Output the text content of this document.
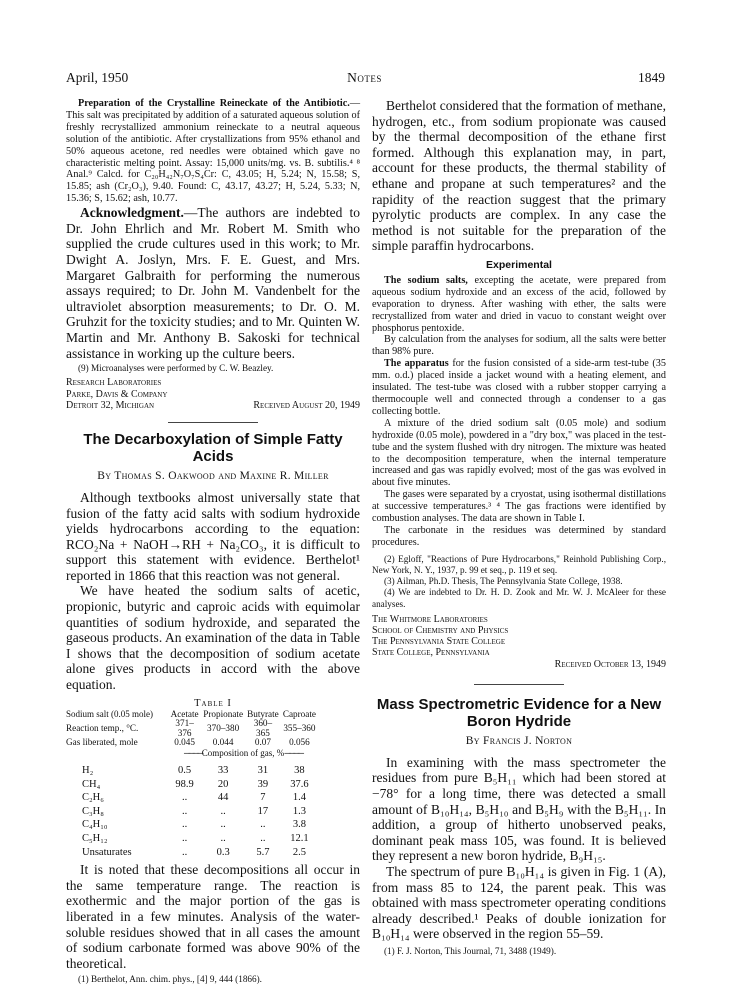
April, 1950	Notes	1849

Preparation of the Crystalline Reineckate of the Antibiotic.—This salt was precipitated by addition of a saturated aqueous solution of freshly recrystallized ammonium reineckate to a neutral aqueous solution of the antibiotic. After crystallizations from 95% ethanol and 50% aqueous acetone, red needles were obtained which gave no characteristic melting point. Assay: 15,000 units/mg. vs. B. subtilis.⁴ ⁸ Anal.⁹ Calcd. for C₂₀H₄₂N₇O₇S₄Cr: C, 43.05; H, 5.24; N, 15.58; S, 15.85; ash (Cr₂O₃), 9.40. Found: C, 43.17, 43.27; H, 5.24, 5.33; N, 15.36; S, 15.62; ash, 10.77.

Acknowledgment.—The authors are indebted to Dr. John Ehrlich and Mr. Robert M. Smith who supplied the crude cultures used in this work; to Mr. Dwight A. Joslyn, Mrs. F. E. Guest, and Mrs. Margaret Galbraith for performing the numerous assays required; to Dr. John M. Vandenbelt for the ultraviolet absorption measurements; to Dr. O. M. Gruhzit for the toxicity studies; and to Mr. Quinten W. Martin and Mr. Anthony B. Sakoski for technical assistance in working up the culture beers.

(9) Microanalyses were performed by C. W. Beazley.

Research Laboratories
Parke, Davis & Company
Detroit 32, Michigan	Received August 20, 1949

The Decarboxylation of Simple Fatty Acids

By Thomas S. Oakwood and Maxine R. Miller

Although textbooks almost universally state that fusion of the fatty acid salts with sodium hydroxide yields hydrocarbons according to the equation: RCO₂Na + NaOH→RH + Na₂CO₃, it is difficult to support this statement with evidence. Berthelot¹ reported in 1866 that this reaction was not general.

We have heated the sodium salts of acetic, propionic, butyric and caproic acids with equimolar quantities of sodium hydroxide, and separated the gaseous products. An examination of the data in Table I shows that the decomposition of sodium acetate alone gives products in accord with the above equation.

Table I
Sodium salt (0.05 mole)	Acetate	Propionate	Butyrate	Caproate
Reaction temp., °C.	371–376	370–380	360–365	355–360
Gas liberated, mole	0.045	0.044	0.07	0.056
	──── Composition of gas, % ────			

H₂	0.5	33	31	38
CH₄	98.9	20	39	37.6
C₂H₆	..	44	7	1.4
C₃H₈	..	..	17	1.3
C₄H₁₀	..	..	..	3.8
C₅H₁₂	..	..	..	12.1
Unsaturates	..	0.3	5.7	2.5

It is noted that these decompositions all occur in the same temperature range. The reaction is exothermic and the major portion of the gas is liberated in a few minutes. Analysis of the water-soluble residues showed that in all cases the amount of sodium carbonate formed was above 90% of the theoretical.

(1) Berthelot, Ann. chim. phys., [4] 9, 444 (1866).

Berthelot considered that the formation of methane, hydrogen, etc., from sodium propionate was caused by the thermal decomposition of the ethane first formed. Although this explanation may, in part, account for these products, the thermal stability of ethane and propane at such temperatures² and the rapidity of the reaction suggest that the primary pyrolytic products are complex. In any case the method is not suitable for the preparation of the simple paraffin hydrocarbons.

Experimental

The sodium salts, excepting the acetate, were prepared from aqueous sodium hydroxide and an excess of the acid, followed by evaporation to dryness. After washing with ether, the salts were recrystallized from water and dried in vacuo to constant weight over phosphorus pentoxide.

By calculation from the analyses for sodium, all the salts were better than 98% pure.

The apparatus for the fusion consisted of a side-arm test-tube (35 mm. o.d.) placed inside a jacket wound with a heating element, and insulated. The test-tube was closed with a rubber stopper carrying a thermocouple well and connected through a condenser to a gas collecting bottle.

A mixture of the dried sodium salt (0.05 mole) and sodium hydroxide (0.05 mole), powdered in a "dry box," was placed in the test-tube and the system flushed with dry nitrogen. The mixture was heated to the decomposition temperature, when the internal temperature increased and gas was rapidly evolved; most of the gas was evolved in about five minutes.

The gases were separated by a cryostat, using isothermal distillations at successive temperatures.³ ⁴ The gas fractions were identified by combustion analyses. The data are shown in Table I.

The carbonate in the residues was determined by standard procedures.

(2) Egloff, "Reactions of Pure Hydrocarbons," Reinhold Publishing Corp., New York, N. Y., 1937, p. 99 et seq., p. 119 et seq.

(3) Ailman, Ph.D. Thesis, The Pennsylvania State College, 1938.

(4) We are indebted to Dr. H. D. Zook and Mr. W. J. McAleer for these analyses.

The Whitmore Laboratories
School of Chemistry and Physics
The Pennsylvania State College
State College, Pennsylvania
Received October 13, 1949

Mass Spectrometric Evidence for a New Boron Hydride

By Francis J. Norton

In examining with the mass spectrometer the residues from pure B₅H₁₁ which had been stored at −78° for a long time, there was detected a small amount of B₁₀H₁₄, B₅H₁₀ and B₅H₉ with the B₅H₁₁. In addition, a group of hitherto unobserved peaks, dominant peak mass 105, was found. It is believed they represent a new boron hydride, B₉H₁₅.

The spectrum of pure B₁₀H₁₄ is given in Fig. 1 (A), from mass 85 to 124, the parent peak. This was obtained with mass spectrometer operating conditions already described.¹ Peaks of double ionization for B₁₀H₁₄ were observed in the region 55–59.

(1) F. J. Norton, This Journal, 71, 3488 (1949).
